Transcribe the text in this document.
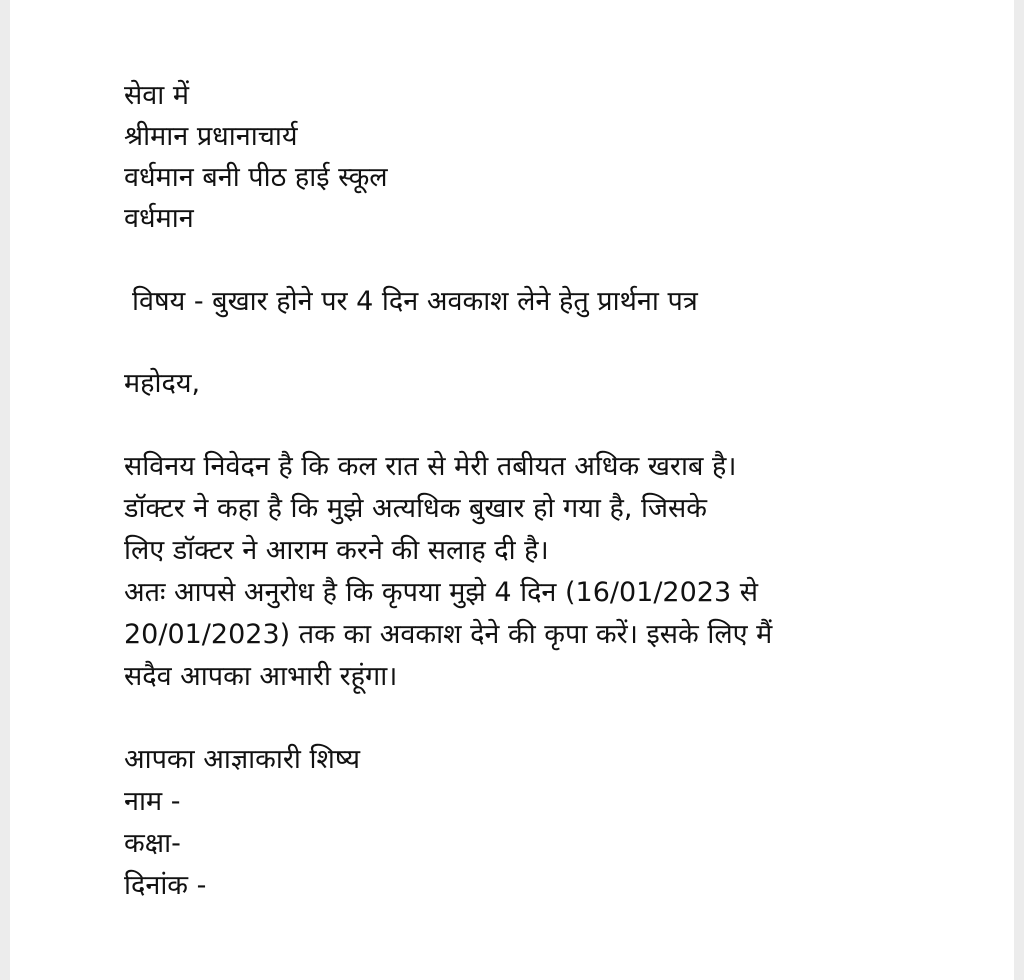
सेवा में
श्रीमान प्रधानाचार्य
वर्धमान बनी पीठ हाई स्कूल
वर्धमान
विषय - बुखार होने पर 4 दिन अवकाश लेने हेतु प्रार्थना पत्र
महोदय,
सविनय निवेदन है कि कल रात से मेरी तबीयत अधिक खराब है।
डॉक्टर ने कहा है कि मुझे अत्यधिक बुखार हो गया है, जिसके
लिए डॉक्टर ने आराम करने की सलाह दी है।
अतः आपसे अनुरोध है कि कृपया मुझे 4 दिन (16/01/2023 से
20/01/2023) तक का अवकाश देने की कृपा करें। इसके लिए मैं
सदैव आपका आभारी रहूंगा।
आपका आज्ञाकारी शिष्य
नाम -
कक्षा-
दिनांक -
